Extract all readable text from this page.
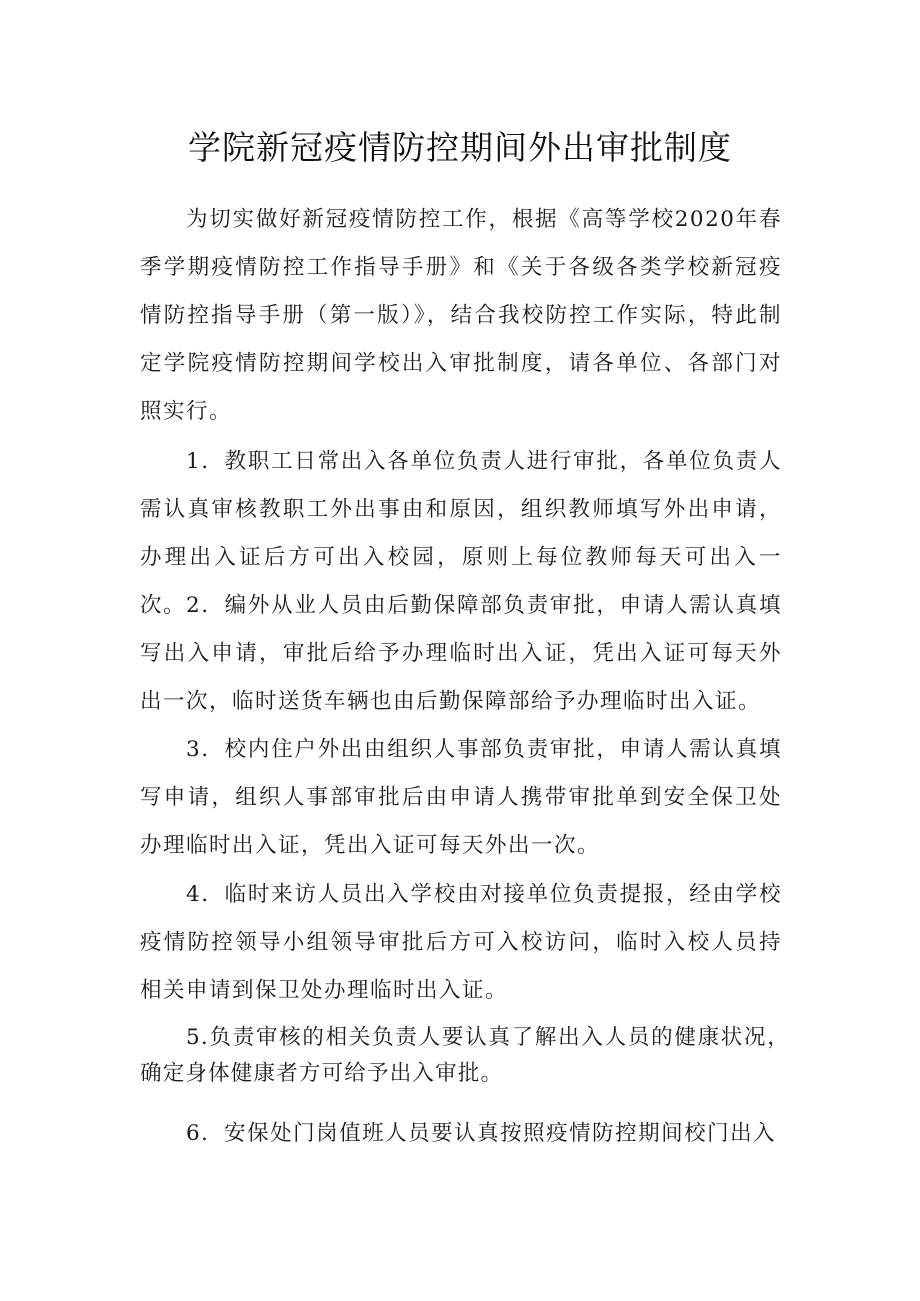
学院新冠疫情防控期间外出审批制度

为切实做好新冠疫情防控工作，根据《高等学校2020年春季学期疫情防控工作指导手册》和《关于各级各类学校新冠疫情防控指导手册（第一版）》，结合我校防控工作实际，特此制定学院疫情防控期间学校出入审批制度，请各单位、各部门对照实行。

1．教职工日常出入各单位负责人进行审批，各单位负责人需认真审核教职工外出事由和原因，组织教师填写外出申请，办理出入证后方可出入校园，原则上每位教师每天可出入一次。 2．编外从业人员由后勤保障部负责审批，申请人需认真填写出入申请，审批后给予办理临时出入证，凭出入证可每天外出一次，临时送货车辆也由后勤保障部给予办理临时出入证。

3．校内住户外出由组织人事部负责审批，申请人需认真填写申请，组织人事部审批后由申请人携带审批单到安全保卫处办理临时出入证，凭出入证可每天外出一次。

4．临时来访人员出入学校由对接单位负责提报，经由学校疫情防控领导小组领导审批后方可入校访问，临时入校人员持相关申请到保卫处办理临时出入证。

5.负责审核的相关负责人要认真了解出入人员的健康状况，确定身体健康者方可给予出入审批。

6．安保处门岗值班人员要认真按照疫情防控期间校门出入
